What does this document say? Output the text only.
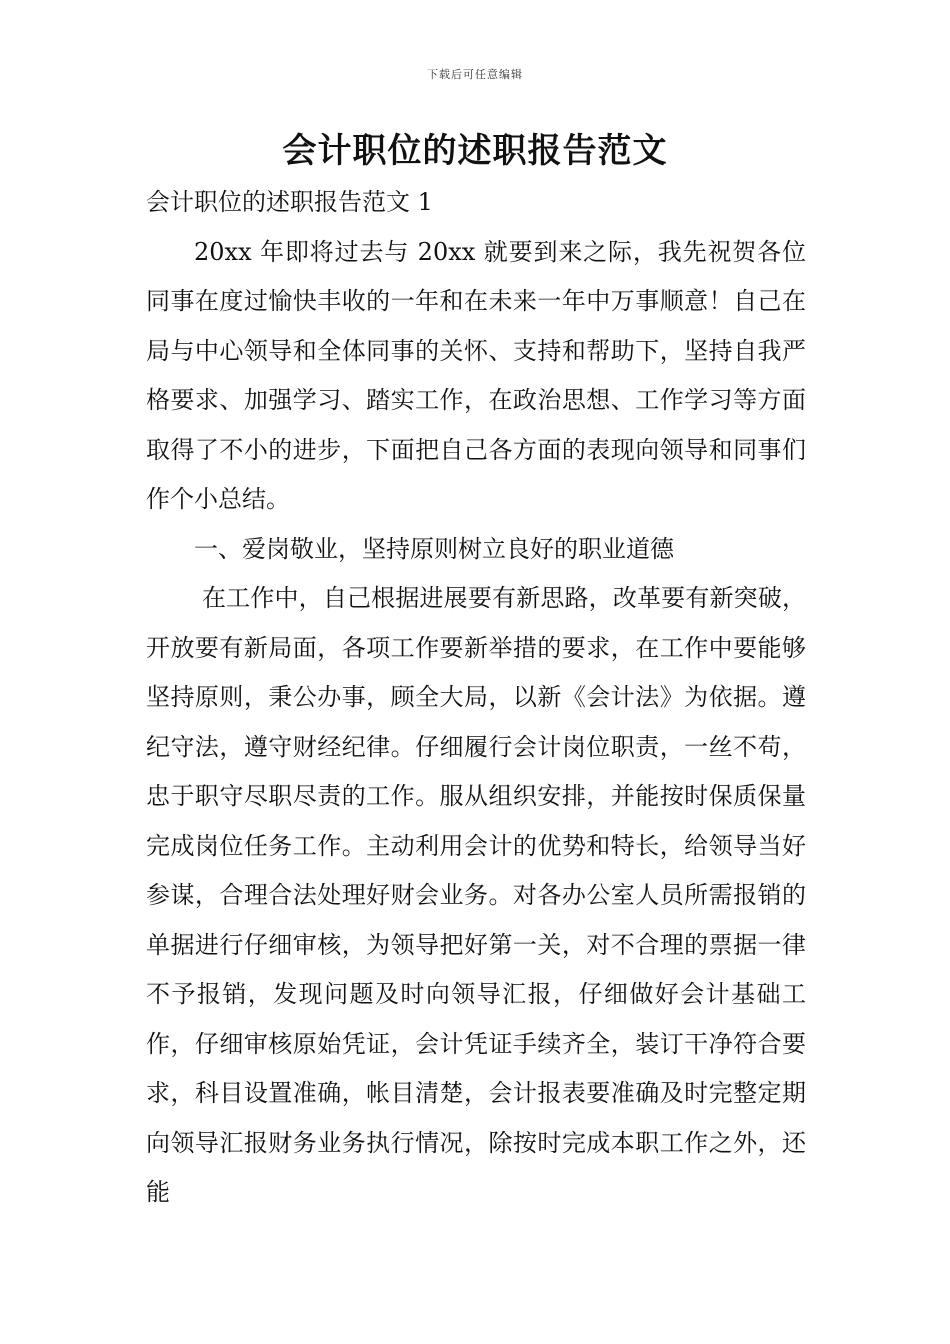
下载后可任意编辑
会计职位的述职报告范文

会计职位的述职报告范文 1

20xx 年即将过去与 20xx 就要到来之际，我先祝贺各位同事在度过愉快丰收的一年和在未来一年中万事顺意！自己在局与中心领导和全体同事的关怀、支持和帮助下，坚持自我严格要求、加强学习、踏实工作，在政治思想、工作学习等方面取得了不小的进步，下面把自己各方面的表现向领导和同事们作个小总结。

一、爱岗敬业，坚持原则树立良好的职业道德

在工作中，自己根据进展要有新思路，改革要有新突破，开放要有新局面，各项工作要新举措的要求，在工作中要能够坚持原则，秉公办事，顾全大局，以新《会计法》为依据。遵纪守法，遵守财经纪律。仔细履行会计岗位职责，一丝不苟，忠于职守尽职尽责的工作。服从组织安排，并能按时保质保量完成岗位任务工作。主动利用会计的优势和特长，给领导当好参谋，合理合法处理好财会业务。对各办公室人员所需报销的单据进行仔细审核，为领导把好第一关，对不合理的票据一律不予报销，发现问题及时向领导汇报，仔细做好会计基础工作，仔细审核原始凭证，会计凭证手续齐全，装订干净符合要求，科目设置准确，帐目清楚，会计报表要准确及时完整定期向领导汇报财务业务执行情况，除按时完成本职工作之外，还能
